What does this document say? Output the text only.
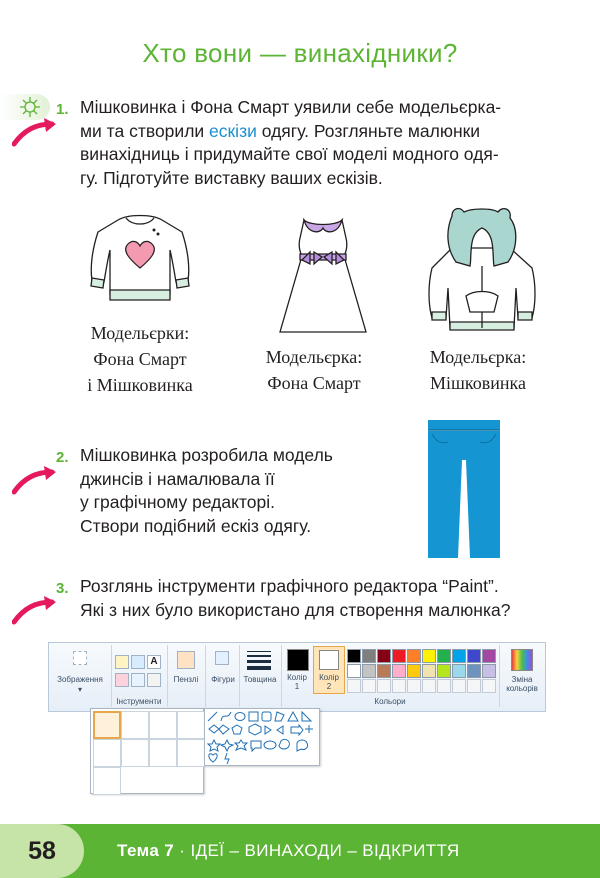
Хто вони — винахідники?
1. Мішковинка і Фона Смарт уявили себе модельєрка-
ми та створили ескізи одягу. Розгляньте малюнки
винахідниць і придумайте свої моделі модного одя-
гу. Підготуйте виставку ваших ескізів.
Модельєрки:
Фона Смарт
і Мішковинка
Модельєрка:
Фона Смарт
Модельєрка:
Мішковинка
2. Мішковинка розробила модель
джинсів і намалювала її
у графічному редакторі.
Створи подібний ескіз одягу.
3. Розглянь інструменти графічного редактора “Paint”.
Які з них було використано для створення малюнка?
Зображення
▾
A
Інструменти
Пензлі	Фігури	Товщина	Колір
1
Колір
2
Кольори
Зміна
кольорів
58	Тема 7 · ІДЕЇ – ВИНАХОДИ – ВІДКРИТТЯ
